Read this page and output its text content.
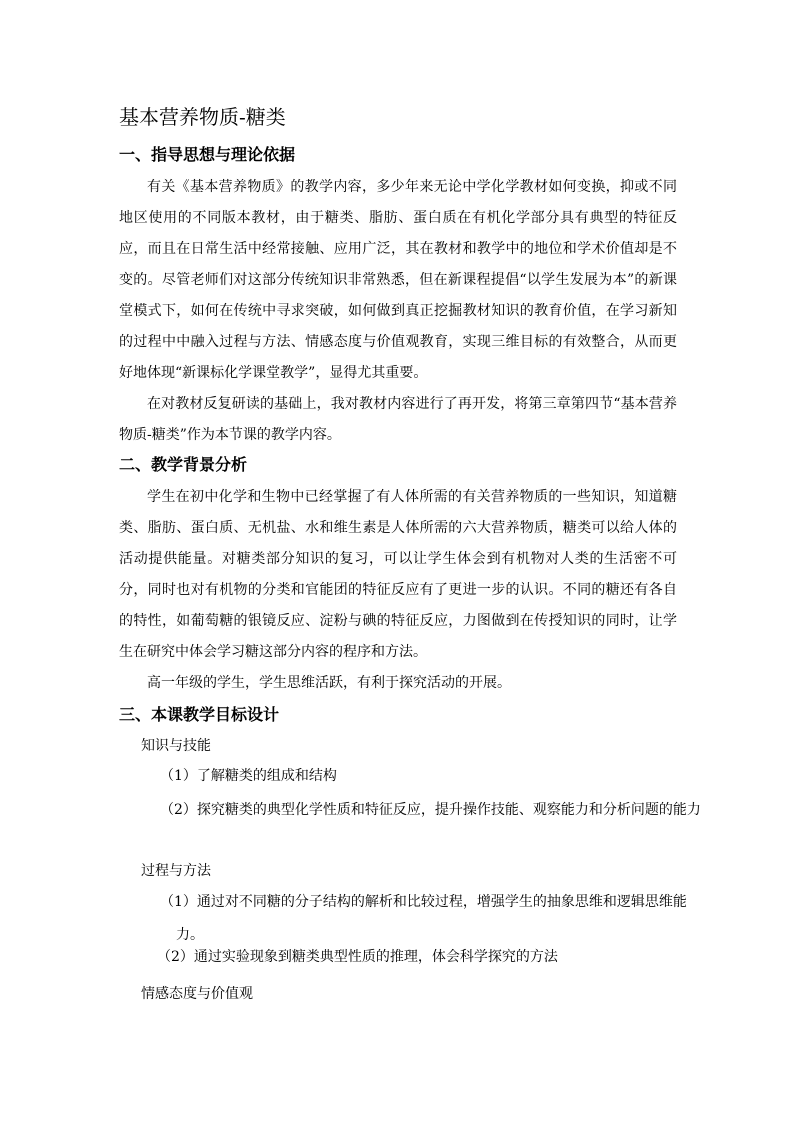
基本营养物质-糖类
一、指导思想与理论依据
有关《基本营养物质》的教学内容，多少年来无论中学化学教材如何变换，抑或不同地区使用的不同版本教材，由于糖类、脂肪、蛋白质在有机化学部分具有典型的特征反应，而且在日常生活中经常接触、应用广泛，其在教材和教学中的地位和学术价值却是不变的。尽管老师们对这部分传统知识非常熟悉，但在新课程提倡“以学生发展为本”的新课堂模式下，如何在传统中寻求突破，如何做到真正挖掘教材知识的教育价值，在学习新知的过程中中融入过程与方法、情感态度与价值观教育，实现三维目标的有效整合，从而更好地体现“新课标化学课堂教学”，显得尤其重要。
在对教材反复研读的基础上，我对教材内容进行了再开发，将第三章第四节“基本营养物质-糖类”作为本节课的教学内容。
二、教学背景分析
学生在初中化学和生物中已经掌握了有人体所需的有关营养物质的一些知识，知道糖类、脂肪、蛋白质、无机盐、水和维生素是人体所需的六大营养物质，糖类可以给人体的活动提供能量。对糖类部分知识的复习，可以让学生体会到有机物对人类的生活密不可分，同时也对有机物的分类和官能团的特征反应有了更进一步的认识。不同的糖还有各自的特性，如葡萄糖的银镜反应、淀粉与碘的特征反应，力图做到在传授知识的同时，让学生在研究中体会学习糖这部分内容的程序和方法。
高一年级的学生，学生思维活跃，有利于探究活动的开展。
三、本课教学目标设计
知识与技能
（1）了解糖类的组成和结构
（2）探究糖类的典型化学性质和特征反应，提升操作技能、观察能力和分析问题的能力
过程与方法
（1）通过对不同糖的分子结构的解析和比较过程，增强学生的抽象思维和逻辑思维能力。
（2）通过实验现象到糖类典型性质的推理，体会科学探究的方法
情感态度与价值观
